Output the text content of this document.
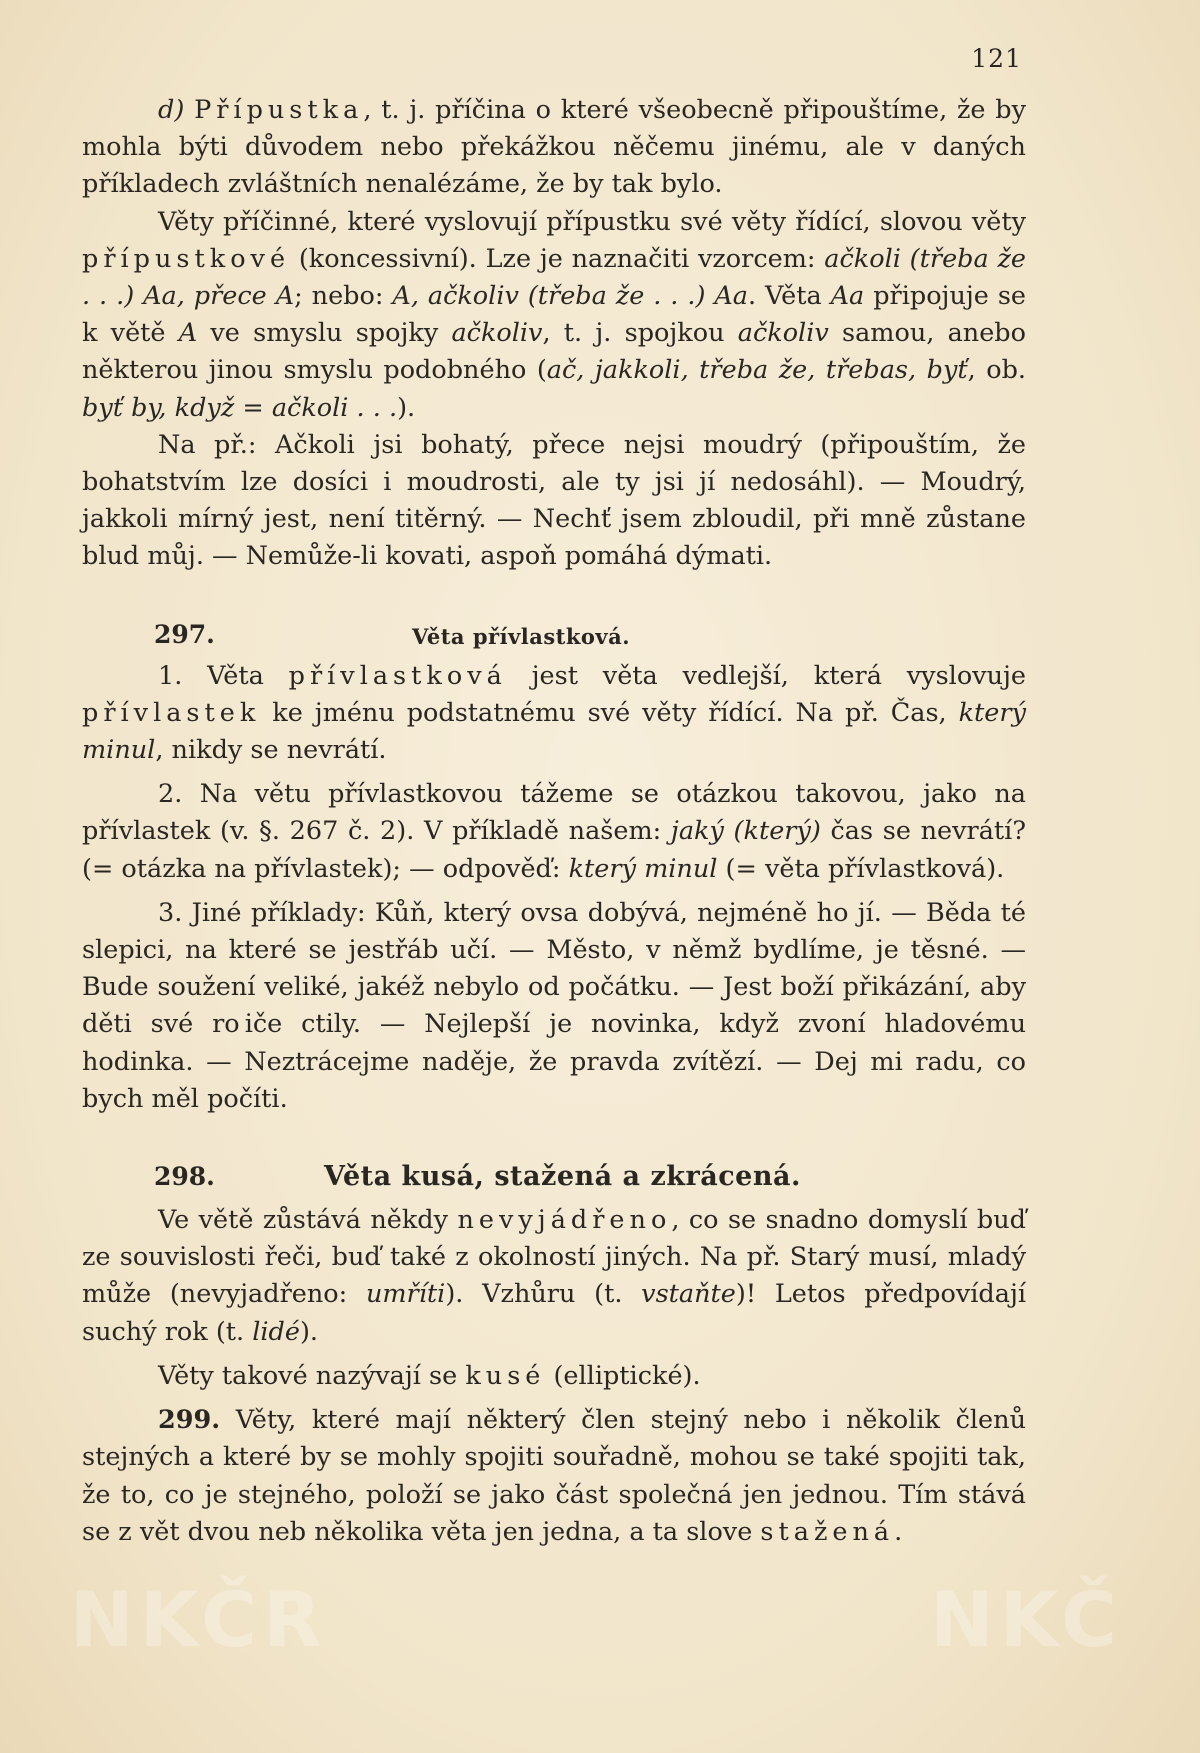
121

d) Přípustka, t. j. příčina o které všeobecně připouštíme, že by mohla býti důvodem nebo překážkou něčemu jinému, ale v daných příkladech zvláštních nenalézáme, že by tak bylo.

Věty příčinné, které vyslovují přípustku své věty řídící, slovou věty přípustkové (koncessivní). Lze je naznačiti vzorcem: ačkoli (třeba že . . .) Aa, přece A; nebo: A, ačkoliv (třeba že . . .) Aa. Věta Aa připojuje se k větě A ve smyslu spojky ačkoliv, t. j. spojkou ačkoliv samou, anebo některou jinou smyslu podobného (ač, jakkoli, třeba že, třebas, byť, ob. byť by, když = ačkoli . . .).

Na př.: Ačkoli jsi bohatý, přece nejsi moudrý (připouštím, že bohatstvím lze dosíci i moudrosti, ale ty jsi jí nedosáhl). — Moudrý, jakkoli mírný jest, není titěrný. — Nechť jsem zbloudil, při mně zůstane blud můj. — Nemůže-li kovati, aspoň pomáhá dýmati.

297.	Věta přívlastková.

1. Věta přívlastková jest věta vedlejší, která vyslovuje přívlastek ke jménu podstatnému své věty řídící. Na př. Čas, který minul, nikdy se nevrátí.

2. Na větu přívlastkovou tážeme se otázkou takovou, jako na přívlastek (v. §. 267 č. 2). V příkladě našem: jaký (který) čas se nevrátí? (= otázka na přívlastek); — odpověď: který minul (= věta přívlastková).

3. Jiné příklady: Kůň, který ovsa dobývá, nejméně ho jí. — Běda té slepici, na které se jestřáb učí. — Město, v němž bydlíme, je těsné. — Bude soužení veliké, jakéž nebylo od počátku. — Jest boží přikázání, aby děti své ro iče ctily. — Nejlepší je novinka, když zvoní hladovému hodinka. — Neztrácejme naděje, že pravda zvítězí. — Dej mi radu, co bych měl počíti.

298.	Věta kusá, stažená a zkrácená.

Ve větě zůstává někdy nevyjádřeno, co se snadno domyslí buď ze souvislosti řeči, buď také z okolností jiných. Na př. Starý musí, mladý může (nevyjadřeno: umříti). Vzhůru (t. vstaňte)! Letos předpovídají suchý rok (t. lidé).

Věty takové nazývají se kusé (elliptické).

299. Věty, které mají některý člen stejný nebo i několik členů stejných a které by se mohly spojiti souřadně, mohou se také spojiti tak, že to, co je stejného, položí se jako část společná jen jednou. Tím stává se z vět dvou neb několika věta jen jedna, a ta slove stažená.

NKČR	NKČ
